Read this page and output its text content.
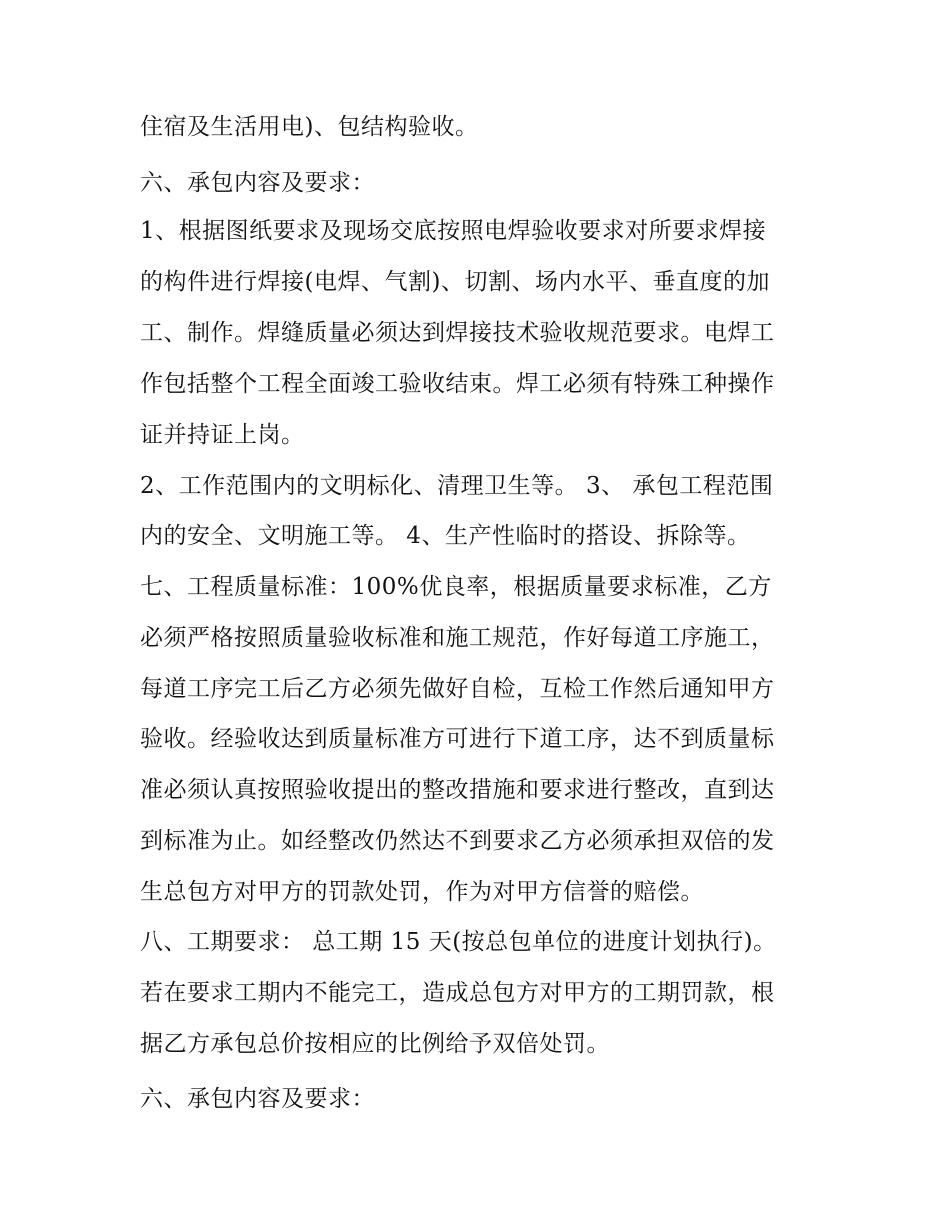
住宿及生活用电)、包结构验收。
六、承包内容及要求：
1、根据图纸要求及现场交底按照电焊验收要求对所要求焊接
的构件进行焊接(电焊、气割)、切割、场内水平、垂直度的加
工、制作。焊缝质量必须达到焊接技术验收规范要求。电焊工
作包括整个工程全面竣工验收结束。焊工必须有特殊工种操作
证并持证上岗。
2、工作范围内的文明标化、清理卫生等。 3、 承包工程范围
内的安全、文明施工等。 4、生产性临时的搭设、拆除等。
七、工程质量标准：100%优良率，根据质量要求标准，乙方
必须严格按照质量验收标准和施工规范，作好每道工序施工，
每道工序完工后乙方必须先做好自检，互检工作然后通知甲方
验收。经验收达到质量标准方可进行下道工序，达不到质量标
准必须认真按照验收提出的整改措施和要求进行整改，直到达
到标准为止。如经整改仍然达不到要求乙方必须承担双倍的发
生总包方对甲方的罚款处罚，作为对甲方信誉的赔偿。
八、工期要求： 总工期 15 天(按总包单位的进度计划执行)。
若在要求工期内不能完工，造成总包方对甲方的工期罚款，根
据乙方承包总价按相应的比例给予双倍处罚。
六、承包内容及要求：
